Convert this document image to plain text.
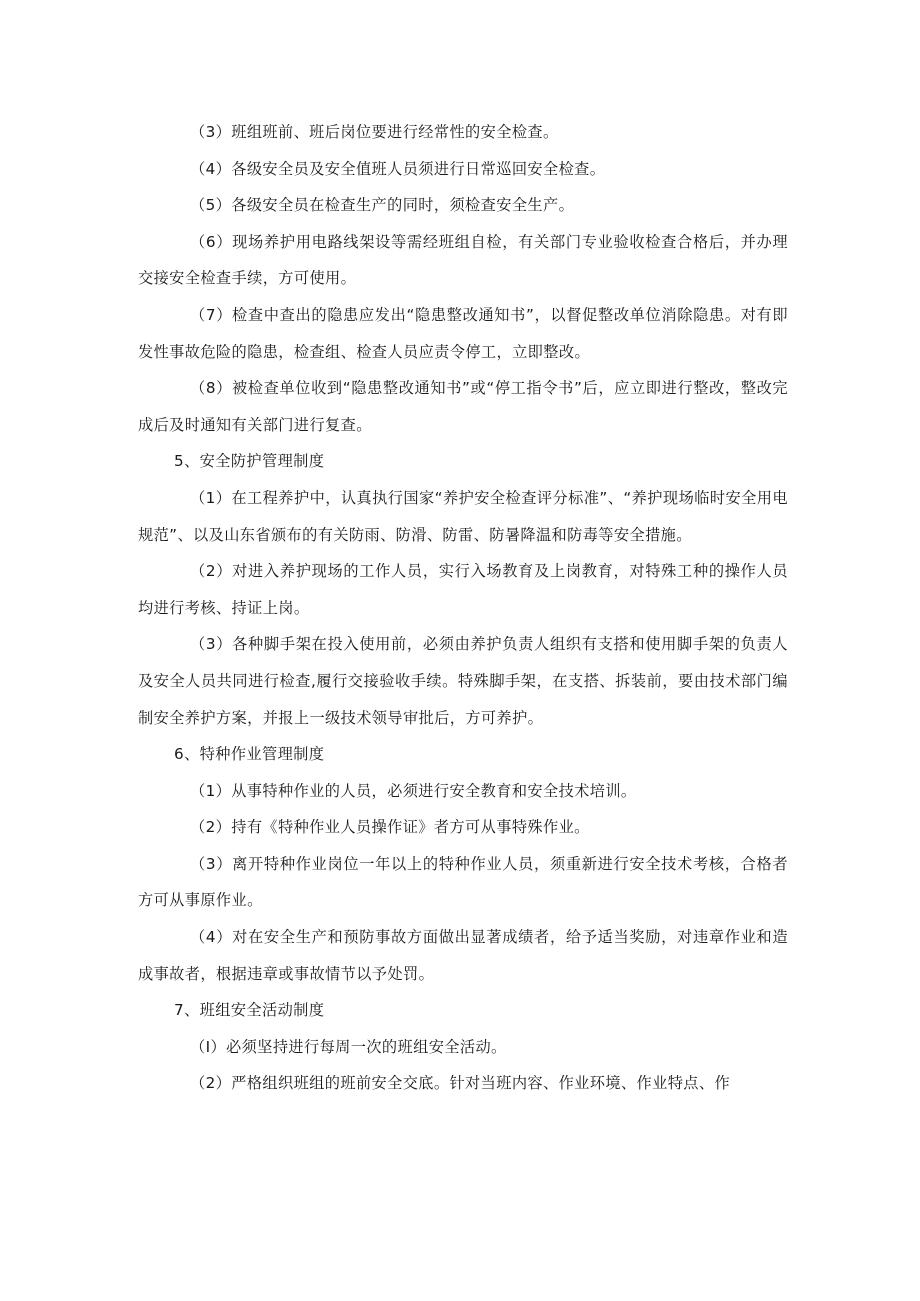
（3）班组班前、班后岗位要进行经常性的安全检查。

（4）各级安全员及安全值班人员须进行日常巡回安全检查。

（5）各级安全员在检查生产的同时，须检查安全生产。

（6）现场养护用电路线架设等需经班组自检，有关部门专业验收检查合格后，并办理交接安全检查手续，方可使用。

（7）检查中查出的隐患应发出“隐患整改通知书”，以督促整改单位消除隐患。对有即发性事故危险的隐患，检查组、检查人员应责令停工，立即整改。

（8）被检查单位收到“隐患整改通知书”或“停工指令书”后，应立即进行整改，整改完成后及时通知有关部门进行复查。

5、安全防护管理制度

（1）在工程养护中，认真执行国家“养护安全检查评分标准”、“养护现场临时安全用电规范”、以及山东省颁布的有关防雨、防滑、防雷、防暑降温和防毒等安全措施。

（2）对进入养护现场的工作人员，实行入场教育及上岗教育，对特殊工种的操作人员均进行考核、持证上岗。

（3）各种脚手架在投入使用前，必须由养护负责人组织有支搭和使用脚手架的负责人及安全人员共同进行检查,履行交接验收手续。特殊脚手架，在支搭、拆装前，要由技术部门编制安全养护方案，并报上一级技术领导审批后，方可养护。

6、特种作业管理制度

（1）从事特种作业的人员，必须进行安全教育和安全技术培训。

（2）持有《特种作业人员操作证》者方可从事特殊作业。

（3）离开特种作业岗位一年以上的特种作业人员，须重新进行安全技术考核，合格者方可从事原作业。

（4）对在安全生产和预防事故方面做出显著成绩者，给予适当奖励，对违章作业和造成事故者，根据违章或事故情节以予处罚。

7、班组安全活动制度

（I）必须坚持进行每周一次的班组安全活动。

（2）严格组织班组的班前安全交底。针对当班内容、作业环境、作业特点、作
